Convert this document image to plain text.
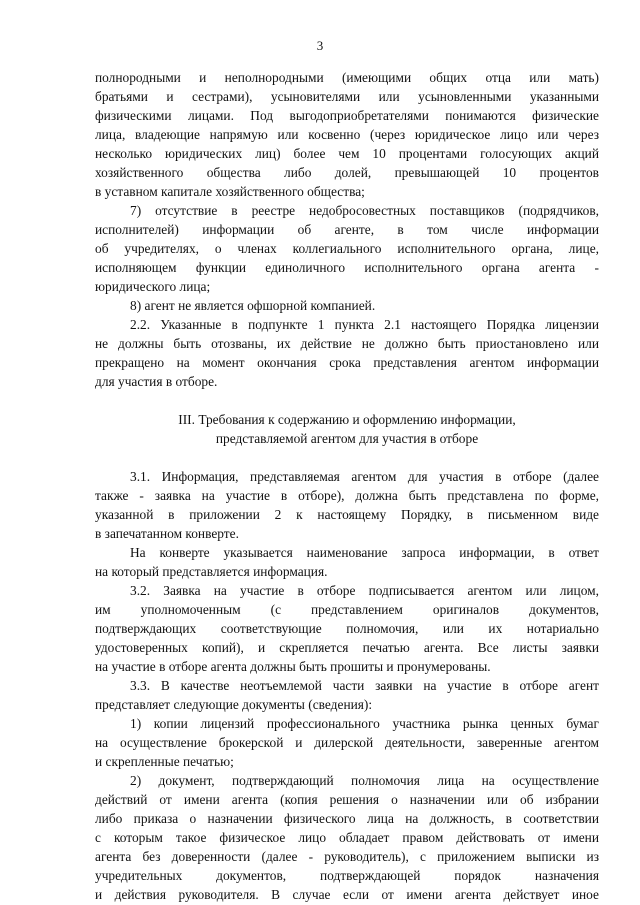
3
полнородными и неполнородными (имеющими общих отца или мать)
братьями и сестрами), усыновителями или усыновленными указанными
физическими лицами. Под выгодоприобретателями понимаются физические
лица, владеющие напрямую или косвенно (через юридическое лицо или через
несколько юридических лиц) более чем 10 процентами голосующих акций
хозяйственного общества либо долей, превышающей 10 процентов
в уставном капитале хозяйственного общества;
7) отсутствие в реестре недобросовестных поставщиков (подрядчиков,
исполнителей) информации об агенте, в том числе информации
об учредителях, о членах коллегиального исполнительного органа, лице,
исполняющем функции единоличного исполнительного органа агента -
юридического лица;
8) агент не является офшорной компанией.
2.2. Указанные в подпункте 1 пункта 2.1 настоящего Порядка лицензии
не должны быть отозваны, их действие не должно быть приостановлено или
прекращено на момент окончания срока представления агентом информации
для участия в отборе.
III. Требования к содержанию и оформлению информации,
представляемой агентом для участия в отборе
3.1. Информация, представляемая агентом для участия в отборе (далее
также - заявка на участие в отборе), должна быть представлена по форме,
указанной в приложении 2 к настоящему Порядку, в письменном виде
в запечатанном конверте.
На конверте указывается наименование запроса информации, в ответ
на который представляется информация.
3.2. Заявка на участие в отборе подписывается агентом или лицом,
им уполномоченным (с представлением оригиналов документов,
подтверждающих соответствующие полномочия, или их нотариально
удостоверенных копий), и скрепляется печатью агента. Все листы заявки
на участие в отборе агента должны быть прошиты и пронумерованы.
3.3. В качестве неотъемлемой части заявки на участие в отборе агент
представляет следующие документы (сведения):
1) копии лицензий профессионального участника рынка ценных бумаг
на осуществление брокерской и дилерской деятельности, заверенные агентом
и скрепленные печатью;
2) документ, подтверждающий полномочия лица на осуществление
действий от имени агента (копия решения о назначении или об избрании
либо приказа о назначении физического лица на должность, в соответствии
с которым такое физическое лицо обладает правом действовать от имени
агента без доверенности (далее - руководитель), с приложением выписки из
учредительных документов, подтверждающей порядок назначения
и действия руководителя. В случае если от имени агента действует иное
